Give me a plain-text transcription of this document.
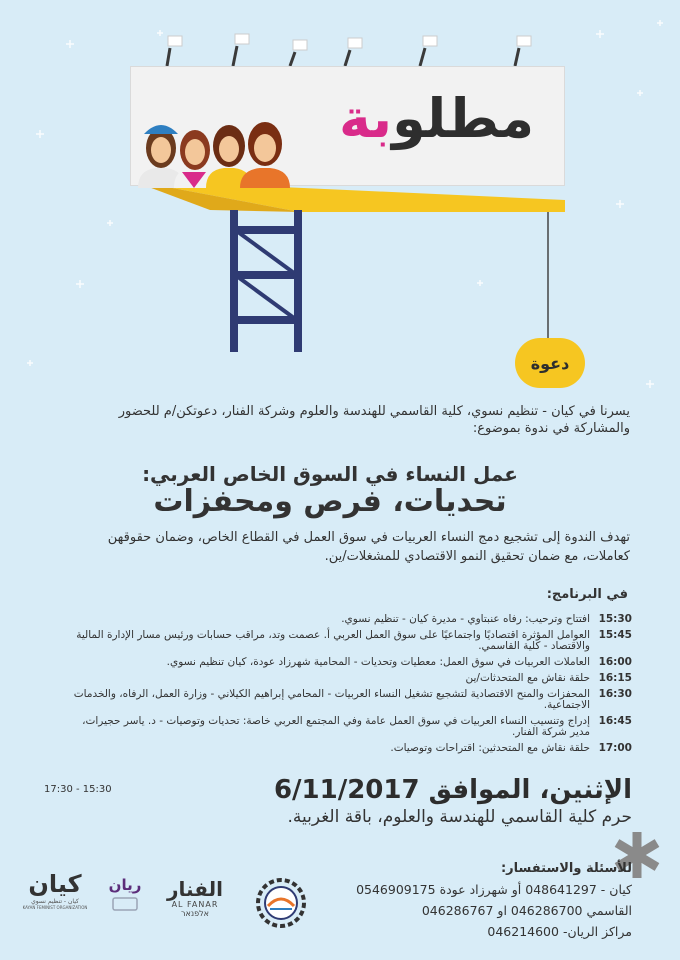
مطلوبة
دعوة
يسرنا في كيان - تنظيم نسوي، كلية القاسمي للهندسة والعلوم وشركة الفنار، دعوتكن/م للحضور والمشاركة في ندوة بموضوع:
عمل النساء في السوق الخاص العربي:
تحديات، فرص ومحفزات
تهدف الندوة إلى تشجيع دمج النساء العربيات في سوق العمل في القطاع الخاص، وضمان حقوقهن كعاملات، مع ضمان تحقيق النمو الاقتصادي للمشغلات/ين.
في البرنامج:
15:30
افتتاح وترحيب: رفاه عنبتاوي - مديرة كيان - تنظيم نسوي.
15:45
العوامل المؤثرة اقتصاديًا واجتماعيًا على سوق العمل العربي أ. عصمت وتد، مراقب حسابات ورئيس مسار الإدارة المالية والاقتصاد - كلية القاسمي.
16:00
العاملات العربيات في سوق العمل: معطيات وتحديات - المحامية شهرزاد عودة، كيان تنظيم نسوي.
16:15
حلقة نقاش مع المتحدثات/ين
16:30
المحفزات والمنح الاقتصادية لتشجيع تشغيل النساء العربيات - المحامي إبراهيم الكيلاني - وزارة العمل، الرفاه، والخدمات الاجتماعية.
16:45
إدراج وتنسيب النساء العربيات في سوق العمل عامة وفي المجتمع العربي خاصة: تحديات وتوصيات - د. ياسر حجيرات، مدير شركة الفنار.
17:00
حلقة نقاش مع المتحدثين: اقتراحات وتوصيات.
الإثنين، الموافق 6/11/2017
17:30 - 15:30
حرم كلية القاسمي للهندسة والعلوم، باقة الغربية.
للأسئلة والاستفسار:
كيان - 048641297 أو شهرزاد عودة 0546909175
القاسمي 046286700 او 046286767
مراكز الريان- 046214600
كيان
كيان - تنظيم نسوي
KAYAN FEMINIST ORGANIZATION
ريان	الفنار
AL FANAR
אלפנאר
